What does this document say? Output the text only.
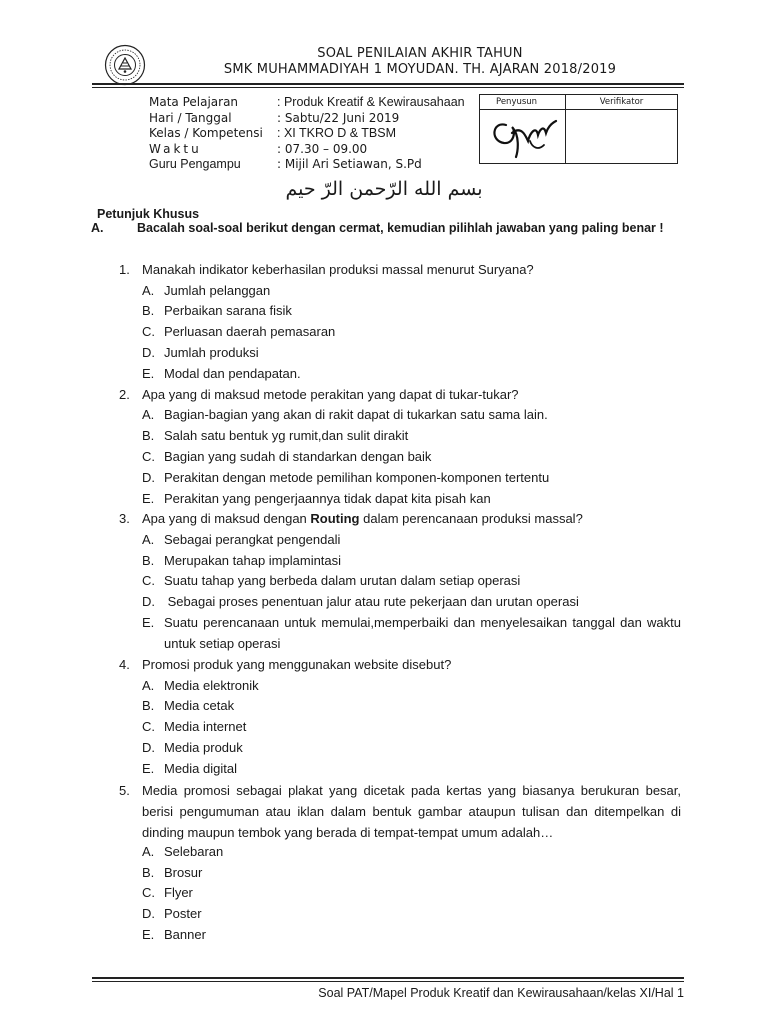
SOAL PENILAIAN AKHIR TAHUN
SMK MUHAMMADIYAH 1 MOYUDAN. TH. AJARAN 2018/2019
Mata Pelajaran	: Produk Kreatif & Kewirausahaan
Hari / Tanggal	: Sabtu/22 Juni 2019
Kelas / Kompetensi : XI TKRO D & TBSM
Waktu	: 07.30 – 09.00
Guru Pengampu	: Mijil Ari Setiawan, S.Pd
Penyusun	Verifikator
بسم الله الرّحمن الرّ حيم
Petunjuk Khusus
A.	Bacalah soal-soal berikut dengan cermat, kemudian pilihlah jawaban yang paling benar !
1. Manakah indikator keberhasilan produksi massal menurut Suryana?
A. Jumlah pelanggan
B. Perbaikan sarana fisik
C. Perluasan daerah pemasaran
D. Jumlah produksi
E. Modal dan pendapatan.
2. Apa yang di maksud metode perakitan yang dapat di tukar-tukar?
A. Bagian-bagian yang akan di rakit dapat di tukarkan satu sama lain.
B. Salah satu bentuk yg rumit,dan sulit dirakit
C. Bagian yang sudah di standarkan dengan baik
D. Perakitan dengan metode pemilihan komponen-komponen tertentu
E. Perakitan yang pengerjaannya tidak dapat kita pisah kan
3. Apa yang di maksud dengan Routing dalam perencanaan produksi massal?
A. Sebagai perangkat pengendali
B. Merupakan tahap implamintasi
C. Suatu tahap yang berbeda dalam urutan dalam setiap operasi
D. Sebagai proses penentuan jalur atau rute pekerjaan dan urutan operasi
E. Suatu perencanaan untuk memulai,memperbaiki dan menyelesaikan tanggal dan waktu untuk setiap operasi
4. Promosi produk yang menggunakan website disebut?
A. Media elektronik
B. Media cetak
C. Media internet
D. Media produk
E. Media digital
5. Media promosi sebagai plakat yang dicetak pada kertas yang biasanya berukuran besar, berisi pengumuman atau iklan dalam bentuk gambar ataupun tulisan dan ditempelkan di dinding maupun tembok yang berada di tempat-tempat umum adalah…
A. Selebaran
B. Brosur
C. Flyer
D. Poster
E. Banner
Soal PAT/Mapel Produk Kreatif dan Kewirausahaan/kelas XI/Hal 1
